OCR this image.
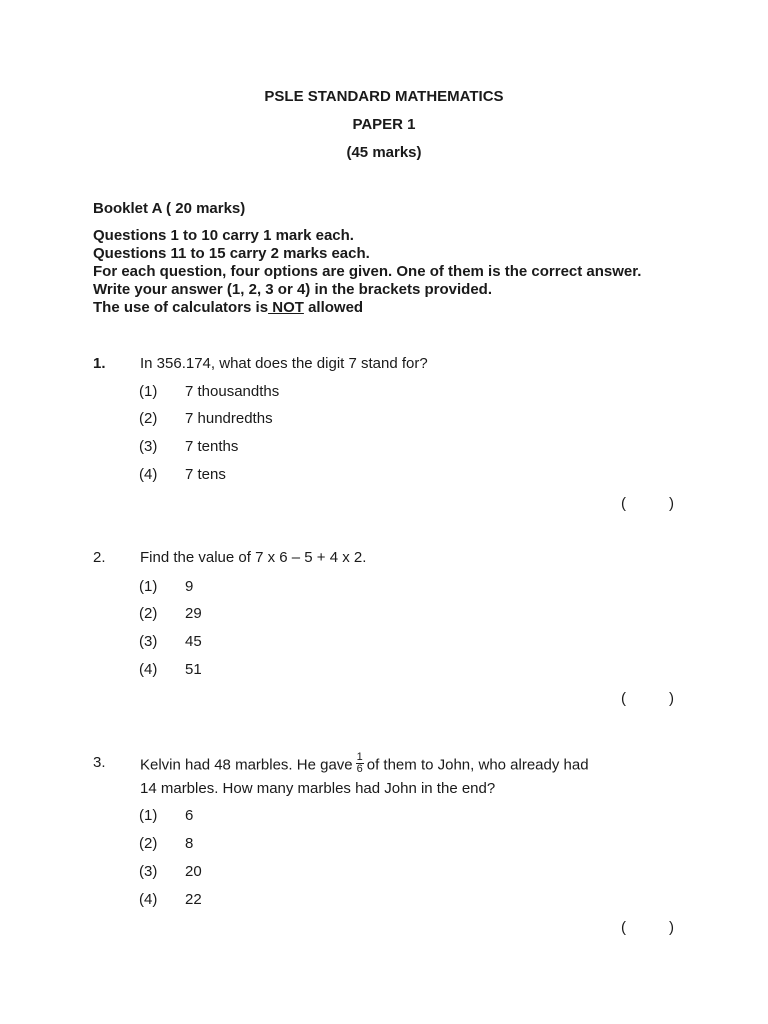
PSLE STANDARD MATHEMATICS
PAPER 1
(45 marks)
Booklet A ( 20 marks)
Questions 1 to 10 carry 1 mark each.
Questions 11 to 15 carry 2 marks each.
For each question, four options are given. One of them is the correct answer.
Write your answer (1, 2, 3 or 4) in the brackets provided.
The use of calculators is NOT allowed
1. In 356.174, what does the digit 7 stand for?
(1) 7 thousandths
(2) 7 hundredths
(3) 7 tenths
(4) 7 tens
(	)
2. Find the value of 7 x 6 – 5 + 4 x 2.
(1) 9
(2) 29
(3) 45
(4) 51
(	)
3. Kelvin had 48 marbles. He gave $\frac{1}{6}$ of them to John, who already had
14 marbles. How many marbles had John in the end?
(1) 6
(2) 8
(3) 20
(4) 22
(	)
